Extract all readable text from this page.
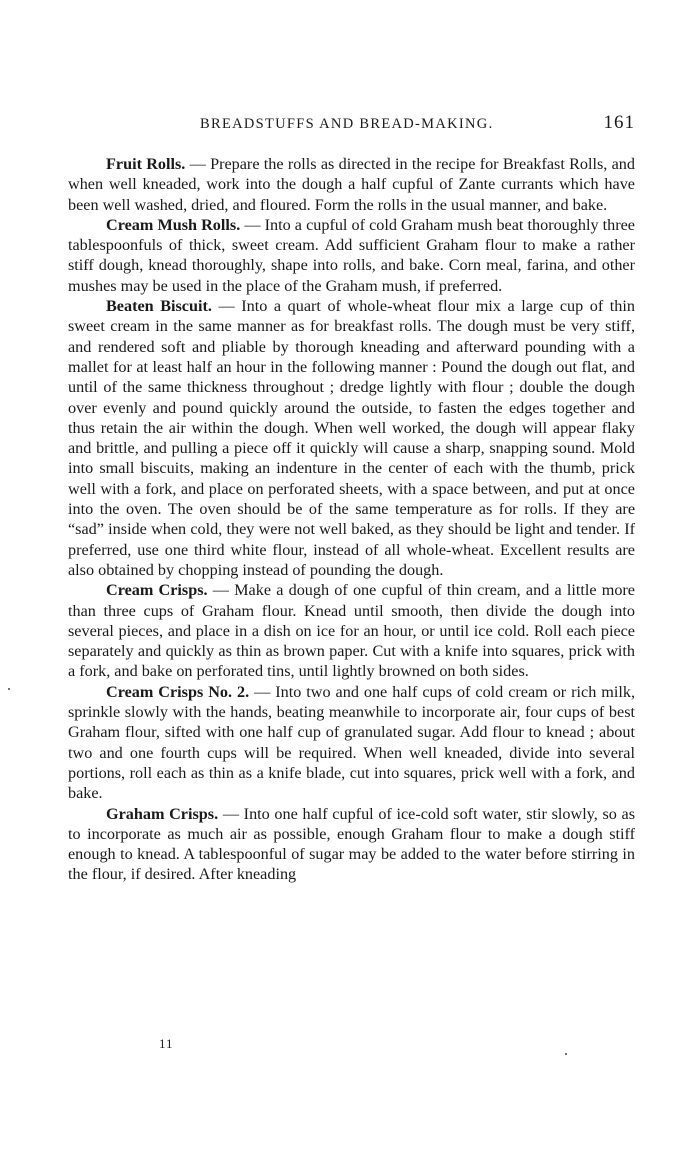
BREADSTUFFS AND BREAD-MAKING.	161

Fruit Rolls. — Prepare the rolls as directed in the recipe for Breakfast Rolls, and when well kneaded, work into the dough a half cupful of Zante currants which have been well washed, dried, and floured. Form the rolls in the usual manner, and bake.

Cream Mush Rolls. — Into a cupful of cold Graham mush beat thoroughly three tablespoonfuls of thick, sweet cream. Add sufficient Graham flour to make a rather stiff dough, knead thoroughly, shape into rolls, and bake. Corn meal, farina, and other mushes may be used in the place of the Graham mush, if preferred.

Beaten Biscuit. — Into a quart of whole-wheat flour mix a large cup of thin sweet cream in the same manner as for breakfast rolls. The dough must be very stiff, and rendered soft and pliable by thorough kneading and afterward pounding with a mallet for at least half an hour in the following manner : Pound the dough out flat, and until of the same thickness throughout ; dredge lightly with flour ; double the dough over evenly and pound quickly around the outside, to fasten the edges together and thus retain the air within the dough. When well worked, the dough will appear flaky and brittle, and pulling a piece off it quickly will cause a sharp, snapping sound. Mold into small biscuits, making an indenture in the center of each with the thumb, prick well with a fork, and place on perforated sheets, with a space between, and put at once into the oven. The oven should be of the same temperature as for rolls. If they are “sad” inside when cold, they were not well baked, as they should be light and tender. If preferred, use one third white flour, instead of all whole-wheat. Excellent results are also obtained by chopping instead of pounding the dough.

Cream Crisps. — Make a dough of one cupful of thin cream, and a little more than three cups of Graham flour. Knead until smooth, then divide the dough into several pieces, and place in a dish on ice for an hour, or until ice cold. Roll each piece separately and quickly as thin as brown paper. Cut with a knife into squares, prick with a fork, and bake on perforated tins, until lightly browned on both sides.

Cream Crisps No. 2. — Into two and one half cups of cold cream or rich milk, sprinkle slowly with the hands, beating meanwhile to incorporate air, four cups of best Graham flour, sifted with one half cup of granulated sugar. Add flour to knead ; about two and one fourth cups will be required. When well kneaded, divide into several portions, roll each as thin as a knife blade, cut into squares, prick well with a fork, and bake.

Graham Crisps. — Into one half cupful of ice-cold soft water, stir slowly, so as to incorporate as much air as possible, enough Graham flour to make a dough stiff enough to knead. A tablespoonful of sugar may be added to the water before stirring in the flour, if desired. After kneading

11
